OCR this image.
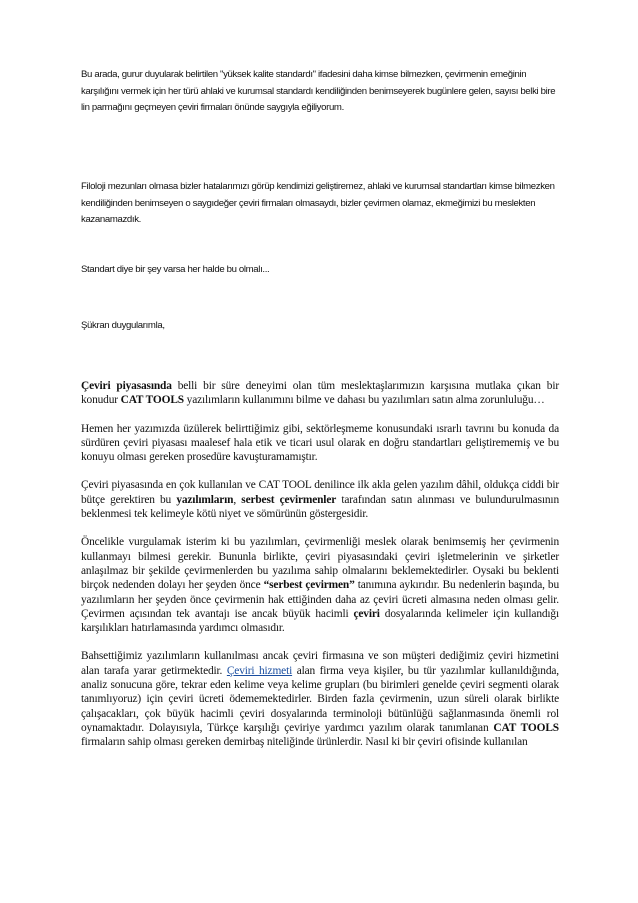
Bu arada, gurur duyularak belirtilen "yüksek kalite standardı" ifadesini daha kimse bilmezken, çevirmenin emeğinin karşılığını vermek için her türü ahlaki ve kurumsal standardı kendiliğinden benimseyerek bugünlere gelen, sayısı belki bire lin parmağını geçmeyen çeviri firmaları önünde saygıyla eğiliyorum.
Filoloji mezunları olmasa bizler hatalarımızı görüp kendimizi geliştiremez, ahlaki ve kurumsal standartları kimse bilmezken kendiliğinden benimseyen o saygıdeğer çeviri firmaları olmasaydı, bizler çevirmen olamaz, ekmeğimizi bu meslekten kazanamazdık.
Standart diye bir şey varsa her halde bu olmalı...
Şükran duygularımla,

Çeviri piyasasında belli bir süre deneyimi olan tüm meslektaşlarımızın karşısına mutlaka çıkan bir konudur CAT TOOLS yazılımların kullanımını bilme ve dahası bu yazılımları satın alma zorunluluğu…

Hemen her yazımızda üzülerek belirttiğimiz gibi, sektörleşmeme konusundaki ısrarlı tavrını bu konuda da sürdüren çeviri piyasası maalesef hala etik ve ticari usul olarak en doğru standartları geliştirememiş ve bu konuyu olması gereken prosedüre kavuşturamamıştır.

Çeviri piyasasında en çok kullanılan ve CAT TOOL denilince ilk akla gelen yazılım dâhil, oldukça ciddi bir bütçe gerektiren bu yazılımların, serbest çevirmenler tarafından satın alınması ve bulundurulmasının beklenmesi tek kelimeyle kötü niyet ve sömürünün göstergesidir.

Öncelikle vurgulamak isterim ki bu yazılımları, çevirmenliği meslek olarak benimsemiş her çevirmenin kullanmayı bilmesi gerekir. Bununla birlikte, çeviri piyasasındaki çeviri işletmelerinin ve şirketler anlaşılmaz bir şekilde çevirmenlerden bu yazılıma sahip olmalarını beklemektedirler. Oysaki bu beklenti birçok nedenden dolayı her şeyden önce “serbest çevirmen” tanımına aykırıdır. Bu nedenlerin başında, bu yazılımların her şeyden önce çevirmenin hak ettiğinden daha az çeviri ücreti almasına neden olması gelir. Çevirmen açısından tek avantajı ise ancak büyük hacimli çeviri dosyalarında kelimeler için kullandığı karşılıkları hatırlamasında yardımcı olmasıdır.

Bahsettiğimiz yazılımların kullanılması ancak çeviri firmasına ve son müşteri dediğimiz çeviri hizmetini alan tarafa yarar getirmektedir. Çeviri hizmeti alan firma veya kişiler, bu tür yazılımlar kullanıldığında, analiz sonucuna göre, tekrar eden kelime veya kelime grupları (bu birimleri genelde çeviri segmenti olarak tanımlıyoruz) için çeviri ücreti ödememektedirler. Birden fazla çevirmenin, uzun süreli olarak birlikte çalışacakları, çok büyük hacimli çeviri dosyalarında terminoloji bütünlüğü sağlanmasında önemli rol oynamaktadır. Dolayısıyla, Türkçe karşılığı çeviriye yardımcı yazılım olarak tanımlanan CAT TOOLS firmaların sahip olması gereken demirbaş niteliğinde ürünlerdir. Nasıl ki bir çeviri ofisinde kullanılan
